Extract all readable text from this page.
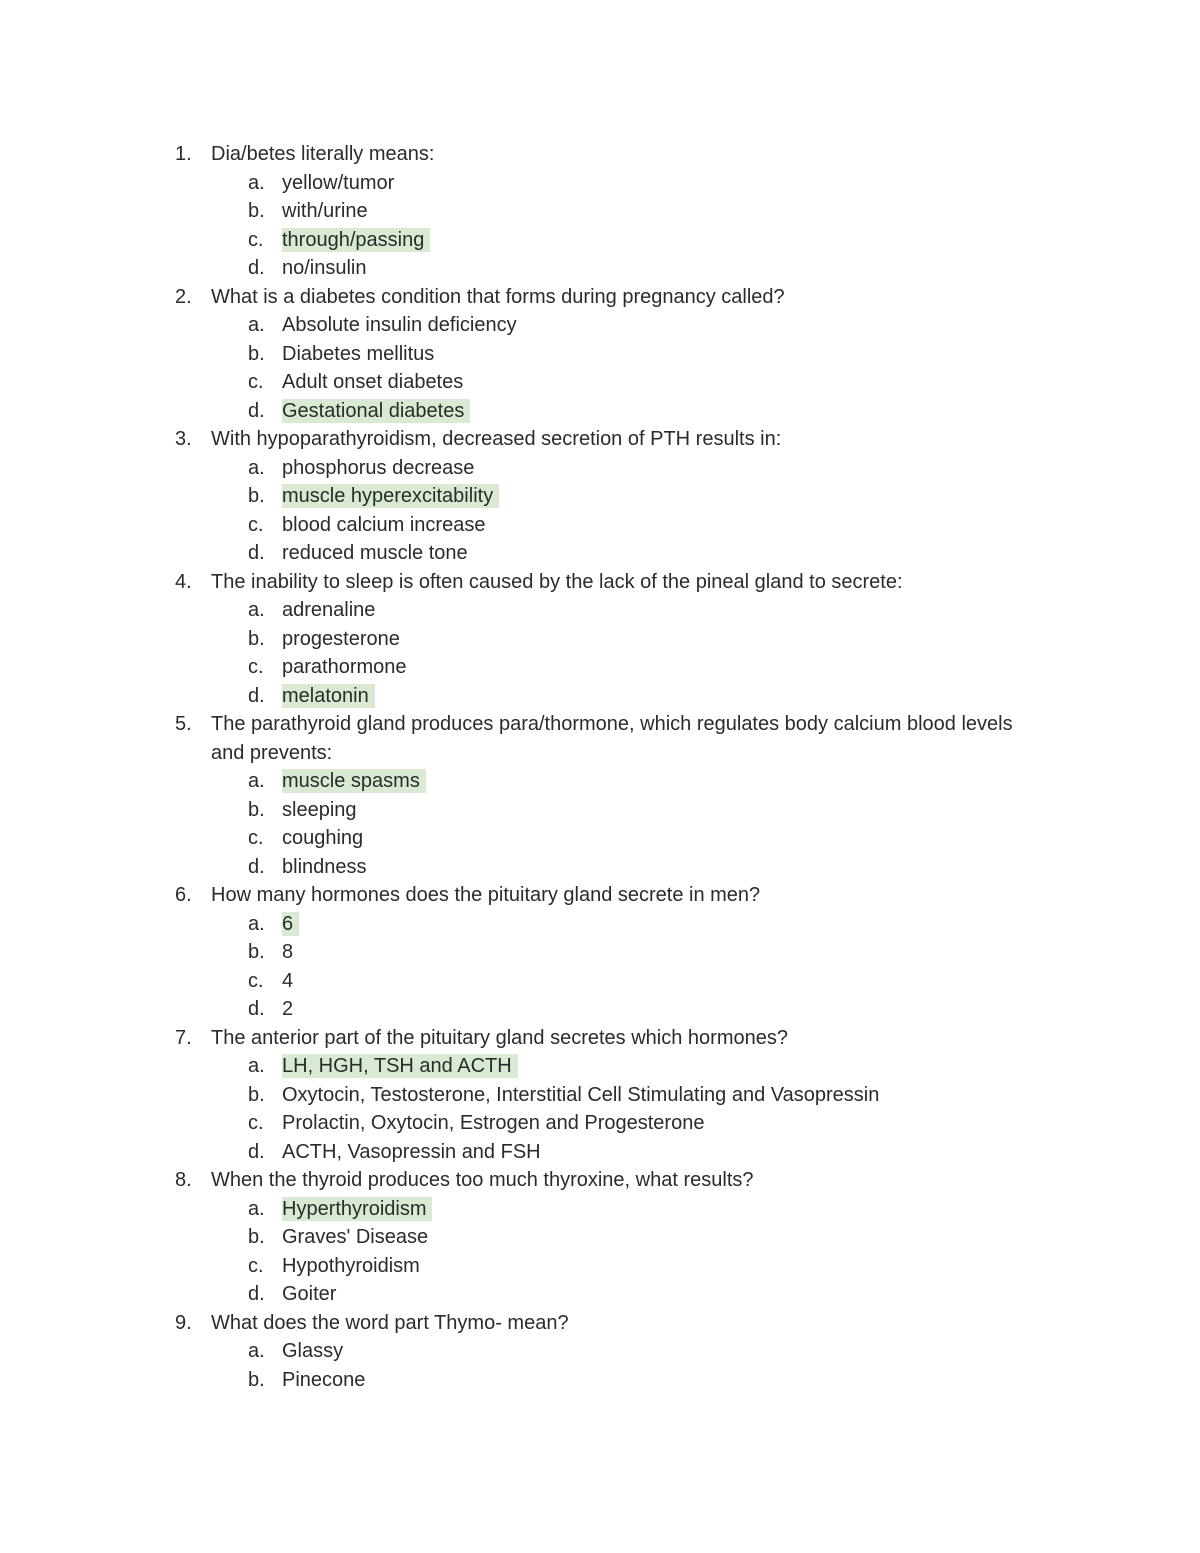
1. Dia/betes literally means:
a. yellow/tumor
b. with/urine
c. through/passing
d. no/insulin
2. What is a diabetes condition that forms during pregnancy called?
a. Absolute insulin deficiency
b. Diabetes mellitus
c. Adult onset diabetes
d. Gestational diabetes
3. With hypoparathyroidism, decreased secretion of PTH results in:
a. phosphorus decrease
b. muscle hyperexcitability
c. blood calcium increase
d. reduced muscle tone
4. The inability to sleep is often caused by the lack of the pineal gland to secrete:
a. adrenaline
b. progesterone
c. parathormone
d. melatonin
5. The parathyroid gland produces para/thormone, which regulates body calcium blood levels and prevents:
a. muscle spasms
b. sleeping
c. coughing
d. blindness
6. How many hormones does the pituitary gland secrete in men?
a. 6
b. 8
c. 4
d. 2
7. The anterior part of the pituitary gland secretes which hormones?
a. LH, HGH, TSH and ACTH
b. Oxytocin, Testosterone, Interstitial Cell Stimulating and Vasopressin
c. Prolactin, Oxytocin, Estrogen and Progesterone
d. ACTH, Vasopressin and FSH
8. When the thyroid produces too much thyroxine, what results?
a. Hyperthyroidism
b. Graves' Disease
c. Hypothyroidism
d. Goiter
9. What does the word part Thymo- mean?
a. Glassy
b. Pinecone
